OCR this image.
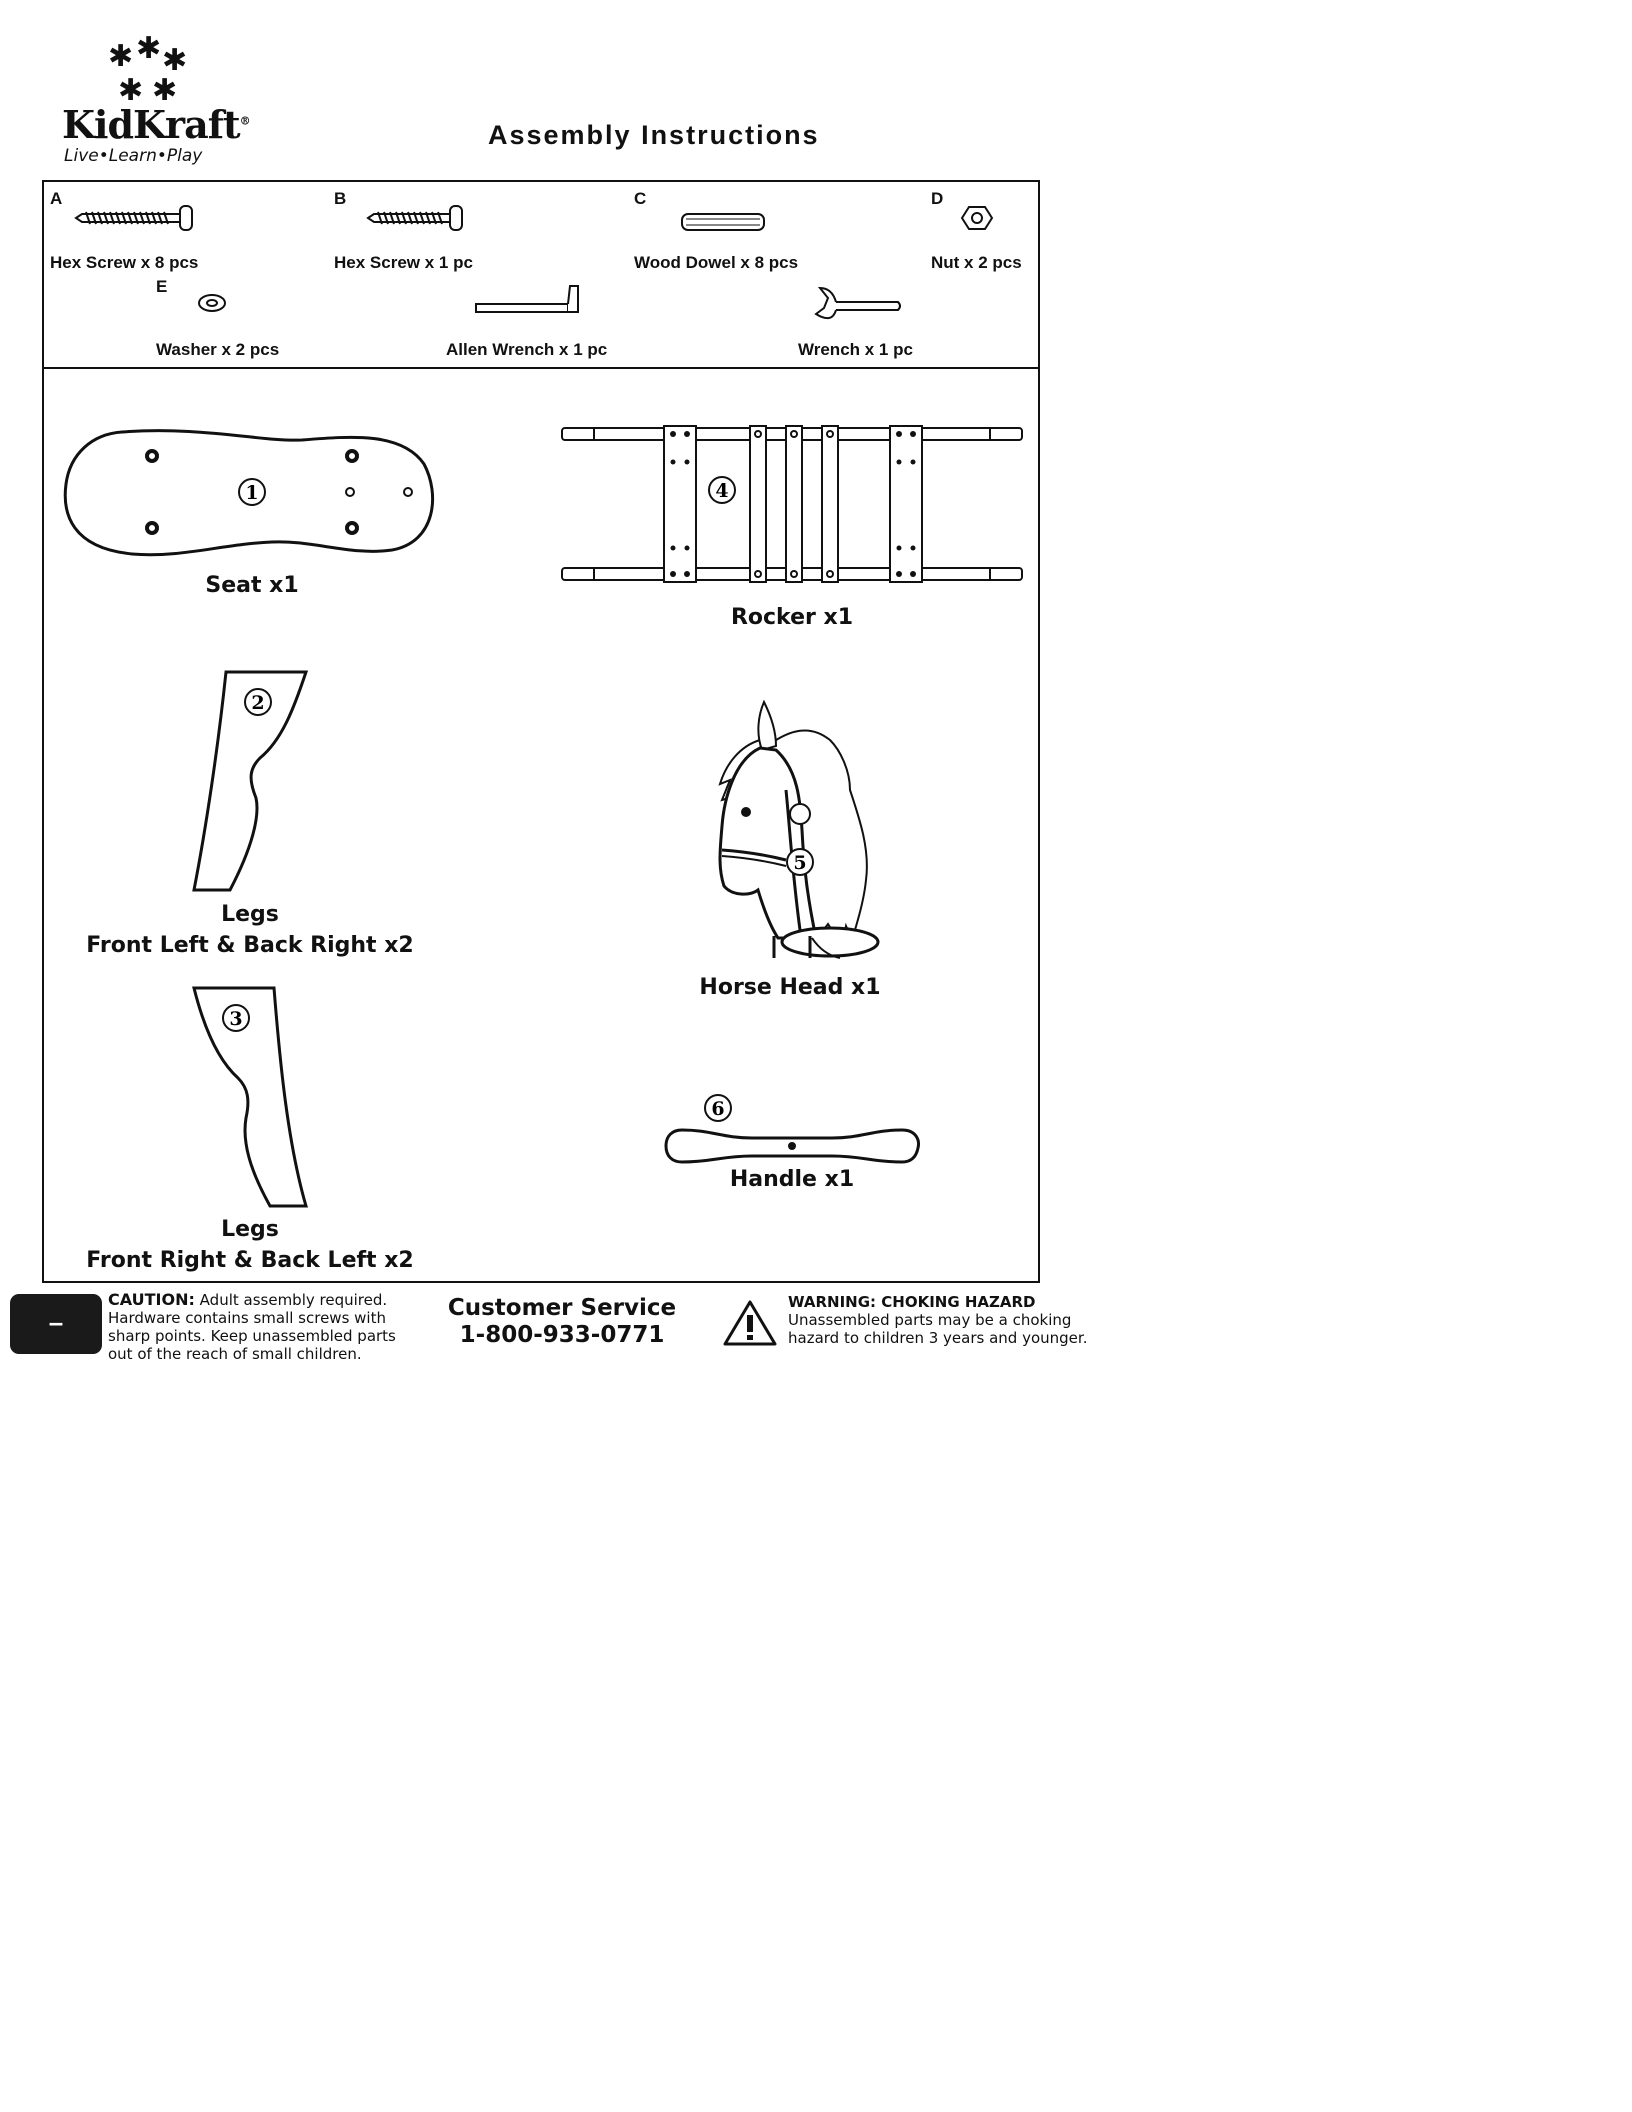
✱ ✱ ✱
✱ ✱
KidKraft®
Live•Learn•Play
Assembly Instructions
A
Hex Screw x 8 pcs
B
Hex Screw x 1 pc
C
Wood Dowel x 8 pcs
D
Nut x 2 pcs
E
Washer x 2 pcs	Allen Wrench x 1 pc	Wrench x 1 pc
1
Seat x1
4
Rocker x1
2
Legs
Front Left & Back Right x2
5
Horse Head x1
3
Legs
Front Right & Back Left x2
6
Handle x1
–
CAUTION: Adult assembly required.
Hardware contains small screws with
sharp points. Keep unassembled parts
out of the reach of small children.
Customer Service
1-800-933-0771
WARNING: CHOKING HAZARD
Unassembled parts may be a choking
hazard to children 3 years and younger.
